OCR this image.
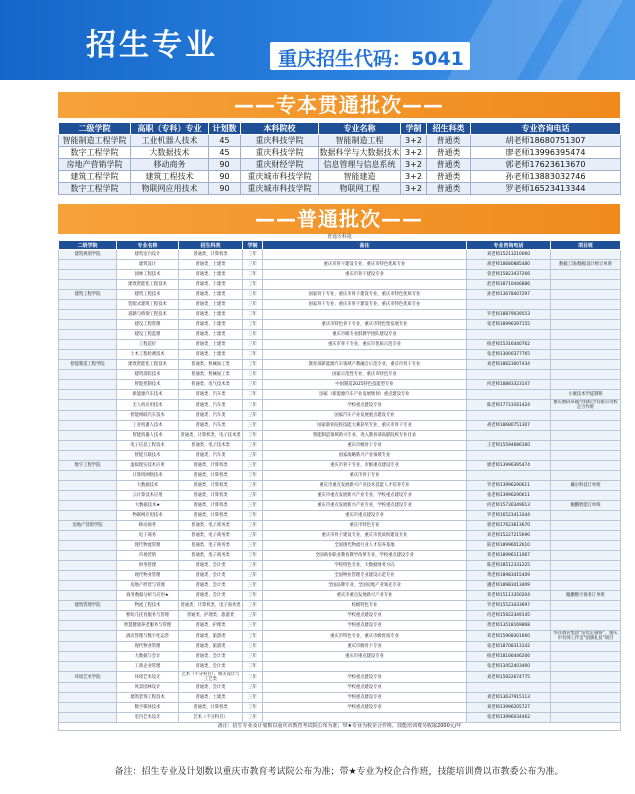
招生专业	重庆招生代码：5041
——专本贯通批次——
二级学院	高职（专科）专业	计划数	本科院校	专业名称	学制	招生科类	专业咨询电话
智能制造工程学院	工业机器人技术	45	重庆科技学院	智能制造工程	3+2	普通类	胡老师18680751307
数字工程学院	大数据技术	45	重庆科技学院	数据科学与大数据技术	3+2	普通类	廖老师13996395474
房地产营销学院	移动商务	90	重庆财经学院	信息管理与信息系统	3+2	普通类	郭老师17623613670
建筑工程学院	建筑工程技术	90	重庆城市科技学院	智能建造	3+2	普通类	孙老师13883032746
数字工程学院	物联网应用技术	90	重庆城市科技学院	物联网工程	3+2	普通类	罗老师16523413344
——普通批次——
普通专科批
二级学院	专业名称	招生科类	学制	备注	专业咨询电话	项目班
建筑规划学院	建筑室内设计	普通类、计算机类	三年		刘老师15213210060	
	建筑设计	普通类、土建类	三年	重庆市骨干建设专业，重庆市特色优质专业	胡老师18680885480	数据工场/数据设计师订单班
	园林工程技术	普通类、土建类	三年	重庆市骨干建设专业	曾老师15823437266	
	建筑智能化工程技术	普通类、土建类	三年		赵老师18710446886	
建筑工程学院	建筑工程技术	普通类、土建类	三年	国家骨干专业，重庆市骨干建设专业，重庆市特色优质专业	孙老师13678407297	
	装配式建筑工程技术	普通类、土建类	三年	国家骨干专业，重庆市骨干建设专业，重庆市特色优质专业		
	道路与桥梁工程技术	普通类、土建类	三年		罗老师18879039553	
	建设工程管理	普通类、土建类	三年	重庆市特色骨干专业，重庆市特色型发展专业	张老师18996397155	
	建设工程监理	普通类、土建类	三年	重庆市级专业群教学团队建设专业		
	工程造价	普通类、土建类	三年	重庆市骨干专业，重庆市优质示范专业	杨老师15316440762	
	土木工程检测技术	普通类、土建类	三年		张老师13000377765	
智能制造工程学院	建筑智能化工程技术	普通类、机械加工类	三年	教育部新能源汽车领域产教融合示范专业，重庆市骨干专业	刘老师18623007434	
	建筑消防技术	普通类、机械加工类	三年	国家示范性专业，重庆市特色专业		
	智能控制技术	普通类、电气技术类	三年	中国制造2025特色技能型专业	何老师18883323147	
	新能源汽车技术	普通类、汽车类	三年	国家（新能源汽车产业发展规划）重点建设专业		小康技术学徒制班
	无人机应用技术	普通类、汽车类	三年	学校重点建设专业	陈老师17723161424	重庆数码卓越空间综合有限公司校企合作班
	智能网联汽车技术	普通类、汽车类	三年	国家汽车产业发展重点建设专业		
	工业机器人技术	普通类、汽车类	三年	国家职业院校技能大赛获奖专业，重庆市骨干专业	胡老师18680751307	
	智能机器人技术	普通类、计算机类、电子技术类	三年	智能制造领域新兴专业，进入教育部高职院校专业目录		
	电子信息工程技术	普通类、电子技术类	三年	重庆市级骨干专业	王老师15594686160	
	智能互联技术	普通类、汽车类	三年	国家战略新兴产业领域专业		
数字工程学院	虚拟现实技术应用	普通类、计算机类	三年	重庆市骨干专业，市级重点建设专业	廖老师13996395474	
	计算机网络技术	普通类、计算机类	三年	重庆市骨干专业		
	大数据技术	普通类、计算机类	三年	重庆市重点发展新兴产业技术技能人才培养专业	罗老师13996290611	戴尔科技订单班
	云计算技术应用	普通类、计算机类	三年	重庆市重点发展新兴产业专业，学校重点建设专业	张老师13996290611	
	大数据技术★	普通类、计算机类	三年	重庆市重点发展新兴产业专业，学校重点建设专业	何老师15730349613	鲲鹏智能订单班
	物联网应用技术	普通类、计算机类	三年	重庆市重点建设专业	罗老师16523413344	
房地产营销学院	移动商务	普通类、电子商务类	三年	重庆市特色专业	郭老师17623613670	
	电子商务	普通类、电子商务类	三年	重庆市骨干建设专业，重庆市优质校建设专业	邓老师15227215690	
	现代物流管理	普通类、电子商务类	三年	全国现代物流行业人才培养基地	阳老师18996012610	
	市场营销	普通类、电子商务类	三年	全国商业职业教育教学改革专业，学校重点建设专业	邓老师18996111067	
	财务管理	普通类、会计类	三年	学校特色专业，大数据财务方向	陈老师18512331225	
	现代物业管理	普通类、会计类	三年	全国物业管理专业建设示范专业	黄老师18983415409	
	房地产经营与管理	普通类、会计类	三年	全国品牌专业，全国房地产业领先专业	潘老师18983413409	
	商务数据分析与应用★	普通类、会计类	三年	重庆市重点发展新兴产业专业	邓老师15113350204	鲲鹏数字商务订单班
建筑管理学院	物流工程技术	普通类、计算机类、电子商务类	三年	校级特色专业	罗老师15523433697	
	婴幼儿托育服务与管理	普通类、护理类、旅游类	三年	学校重点建设专业	何老师15922349145	
	智慧健康养老服务与管理	普通类、护理类	三年	学校重点建设专业	黄老师13518169868	
	酒店管理与数字化运营	普通类、旅游类	三年	重庆市特色专业，重庆市级优质专业	邓老师15908301660	华住酒店集团"培优定制班"，重庆市名师工作室"国旗礼仪"项目
	现代物业管理	普通类、旅游类	三年	重庆市级骨干专业	张老师18708313142	
	大数据与会计	普通类、会计类	三年	重庆市重点建设专业	杨老师18166446206	
	工商企业管理	普通类、会计类	三年		张老师13452403460	
环境艺术学院	环境艺术设计	艺术（不分科目），相关设计与工艺类	三年	学校重点建设专业	刘老师15922674775	
	风景园林设计	普通类、会计类	三年	学校重点建设专业		
	建筑装饰工程技术	普通类、土建类	三年	学校重点建设专业	刘老师13637915113	
	数字媒体技术	普通类、计算机类	三年	学校重点建设专业	刘老师13996205727	
	室内艺术设计	艺术（不分科目）	三年		张老师13996034462	
备注：招生专业及计划数以重庆市教育考试院公布为准；带★专业为校企合作班，技能培训费另收取2000元/年						
备注：招生专业及计划数以重庆市教育考试院公布为准；带★专业为校企合作班，技能培训费以市教委公布为准。
